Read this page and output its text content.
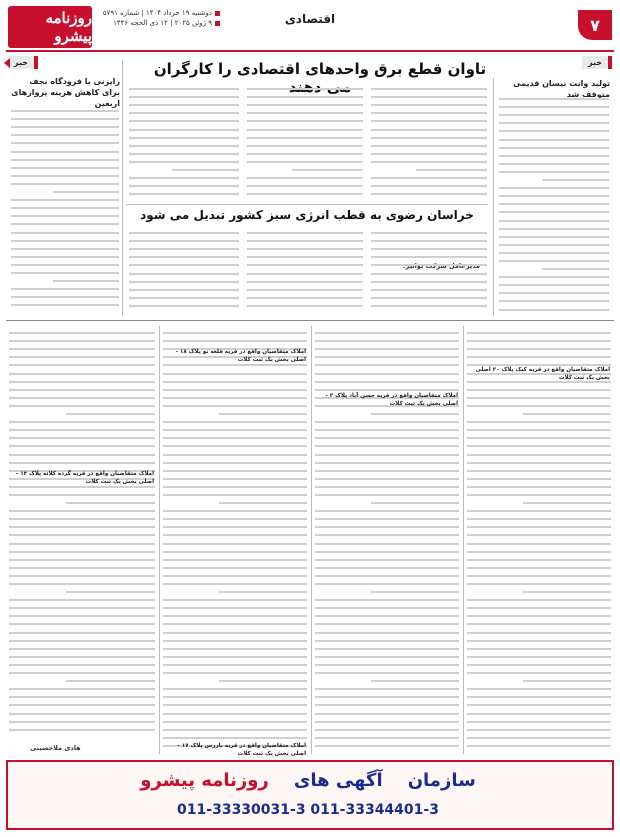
روزنامه پیشرو
دوشنبه ۱۹ خرداد ۱۴۰۴ | شماره ۵۷۹۱
۹ ژوئن ۲۰۲۵ | ۱۲ ذی الحجه ۱۴۴۶	اقتصادی	۷
خبر	خبر
تاوان قطع برق واحدهای اقتصادی را کارگران می دهند	تولید وانت نیسان قدیمی متوقف شد
رایزنی با فرودگاه نجف برای کاهش هزینه پروازهای اربعین
خراسان رضوی به قطب انرژی سبز کشور تبدیل می شود
مدیرعامل شرکت توانیر:
املاک متقاضیان واقع در قریه کبک پلاک ۲۰ اصلی بخش یک ثبت کلات
املاک متقاضیان واقع در قریه حسن آباد پلاک ۳ - اصلی بخش یک ثبت کلات
املاک متقاضیان واقع در قریه قلعه نو پلاک ۱۸ - اصلی بخش یک ثبت کلات
املاک متقاضیان واقع در قریه گرده کلاته پلاک ۱۴ - اصلی بخش یک ثبت کلات
املاک متقاضیان واقع در قریه بازرس پلاک ۱۷ - اصلی بخش یک ثبت کلات
هادی ملاحسینی
سازمان    آگهی های    روزنامه پیشرو
011-33330031-3 011-33344401-3
